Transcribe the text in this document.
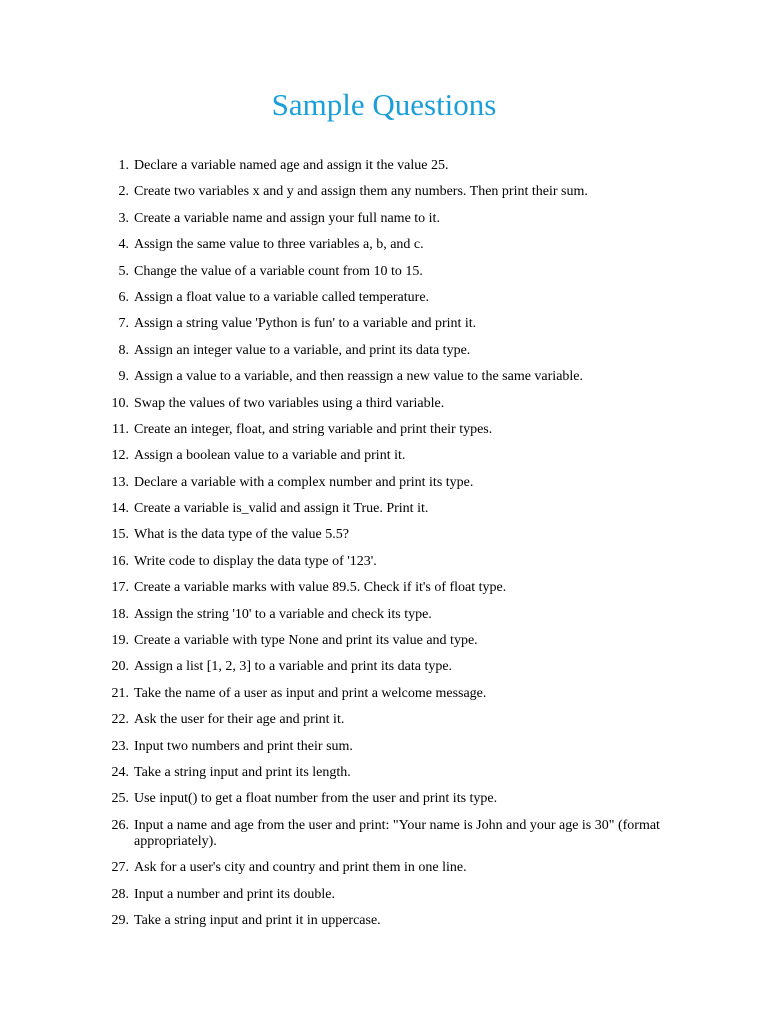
Sample Questions
1. Declare a variable named age and assign it the value 25.
2. Create two variables x and y and assign them any numbers. Then print their sum.
3. Create a variable name and assign your full name to it.
4. Assign the same value to three variables a, b, and c.
5. Change the value of a variable count from 10 to 15.
6. Assign a float value to a variable called temperature.
7. Assign a string value 'Python is fun' to a variable and print it.
8. Assign an integer value to a variable, and print its data type.
9. Assign a value to a variable, and then reassign a new value to the same variable.
10. Swap the values of two variables using a third variable.
11. Create an integer, float, and string variable and print their types.
12. Assign a boolean value to a variable and print it.
13. Declare a variable with a complex number and print its type.
14. Create a variable is_valid and assign it True. Print it.
15. What is the data type of the value 5.5?
16. Write code to display the data type of '123'.
17. Create a variable marks with value 89.5. Check if it's of float type.
18. Assign the string '10' to a variable and check its type.
19. Create a variable with type None and print its value and type.
20. Assign a list [1, 2, 3] to a variable and print its data type.
21. Take the name of a user as input and print a welcome message.
22. Ask the user for their age and print it.
23. Input two numbers and print their sum.
24. Take a string input and print its length.
25. Use input() to get a float number from the user and print its type.
26. Input a name and age from the user and print: "Your name is John and your age is 30" (format appropriately).
27. Ask for a user's city and country and print them in one line.
28. Input a number and print its double.
29. Take a string input and print it in uppercase.
